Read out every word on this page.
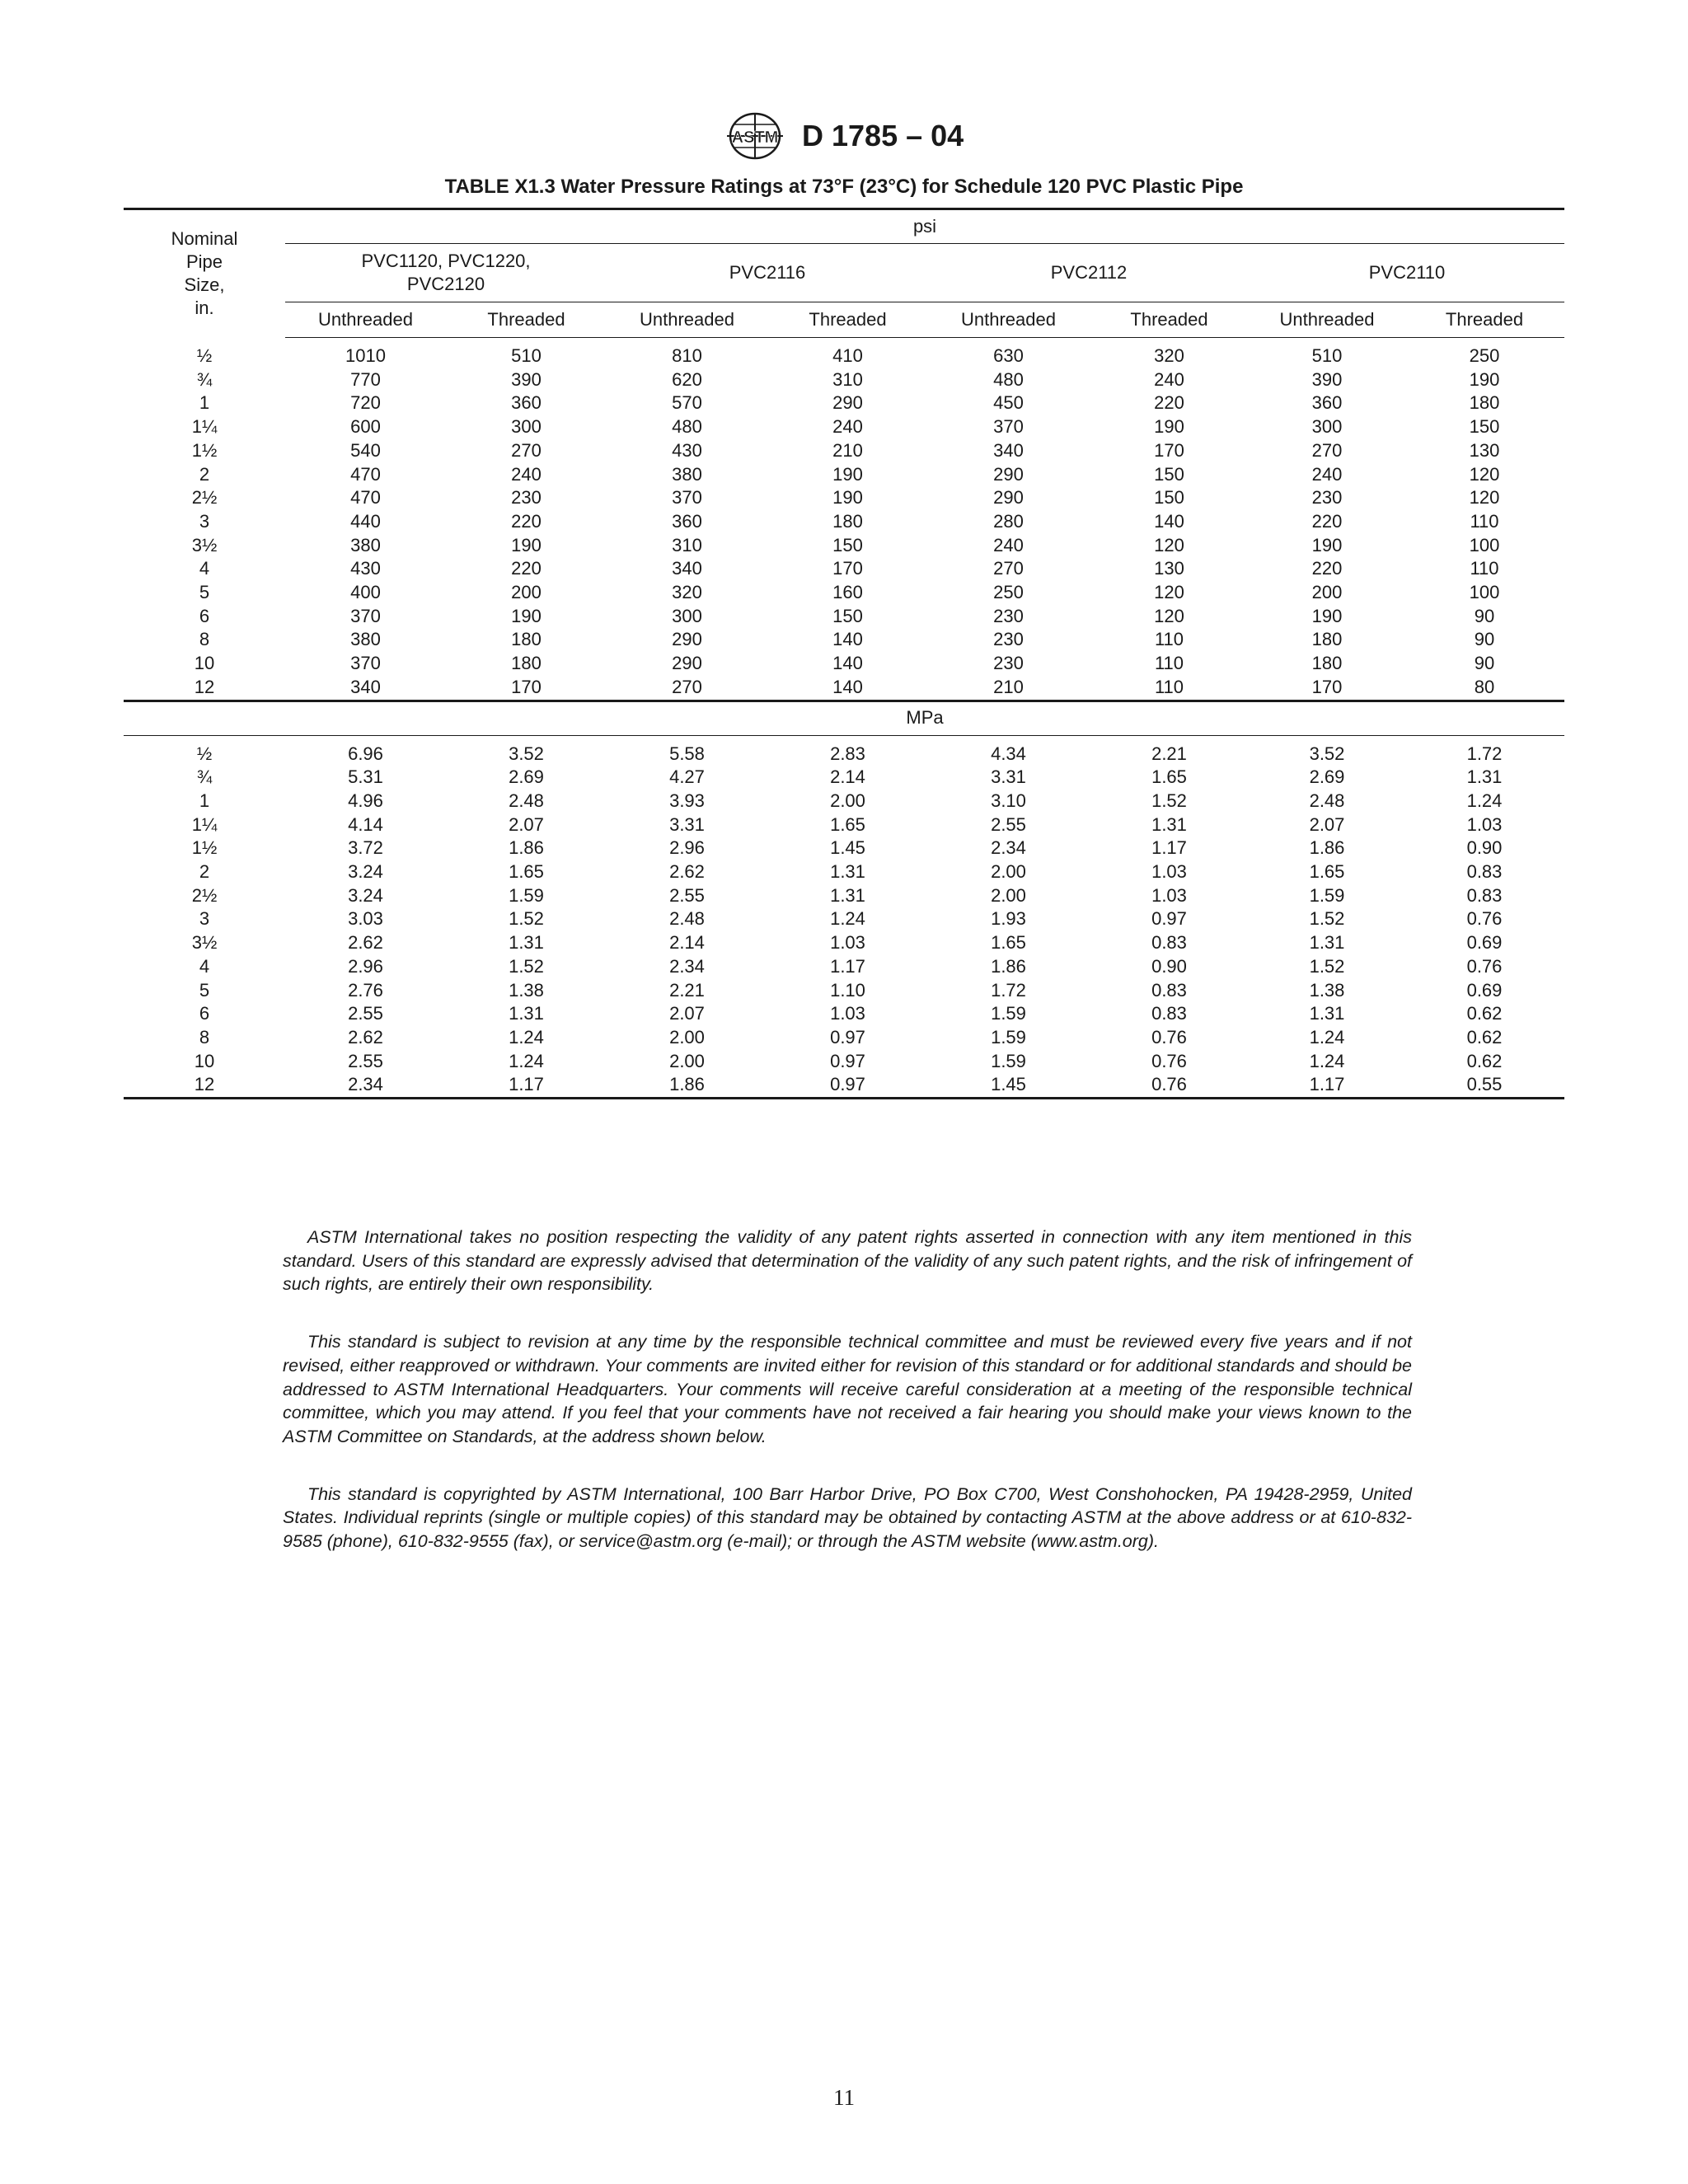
ASTM D 1785 – 04
TABLE X1.3 Water Pressure Ratings at 73°F (23°C) for Schedule 120 PVC Plastic Pipe
Nominal
Pipe
Size,
in.	psi							

	PVC1120, PVC1220,
PVC2120		PVC2116		PVC2112		PVC2110	

	Unthreaded	Threaded	Unthreaded	Threaded	Unthreaded	Threaded	Unthreaded	Threaded

½	1010	510	810	410	630	320	510	250
¾	770	390	620	310	480	240	390	190
1	720	360	570	290	450	220	360	180
1¼	600	300	480	240	370	190	300	150
1½	540	270	430	210	340	170	270	130
2	470	240	380	190	290	150	240	120
2½	470	230	370	190	290	150	230	120
3	440	220	360	180	280	140	220	110
3½	380	190	310	150	240	120	190	100
4	430	220	340	170	270	130	220	110
5	400	200	320	160	250	120	200	100
6	370	190	300	150	230	120	190	90
8	380	180	290	140	230	110	180	90
10	370	180	290	140	230	110	180	90
12	340	170	270	140	210	110	170	80
	MPa							

½	6.96	3.52	5.58	2.83	4.34	2.21	3.52	1.72
¾	5.31	2.69	4.27	2.14	3.31	1.65	2.69	1.31
1	4.96	2.48	3.93	2.00	3.10	1.52	2.48	1.24
1¼	4.14	2.07	3.31	1.65	2.55	1.31	2.07	1.03
1½	3.72	1.86	2.96	1.45	2.34	1.17	1.86	0.90
2	3.24	1.65	2.62	1.31	2.00	1.03	1.65	0.83
2½	3.24	1.59	2.55	1.31	2.00	1.03	1.59	0.83
3	3.03	1.52	2.48	1.24	1.93	0.97	1.52	0.76
3½	2.62	1.31	2.14	1.03	1.65	0.83	1.31	0.69
4	2.96	1.52	2.34	1.17	1.86	0.90	1.52	0.76
5	2.76	1.38	2.21	1.10	1.72	0.83	1.38	0.69
6	2.55	1.31	2.07	1.03	1.59	0.83	1.31	0.62
8	2.62	1.24	2.00	0.97	1.59	0.76	1.24	0.62
10	2.55	1.24	2.00	0.97	1.59	0.76	1.24	0.62
12	2.34	1.17	1.86	0.97	1.45	0.76	1.17	0.55

ASTM International takes no position respecting the validity of any patent rights asserted in connection with any item mentioned in this standard. Users of this standard are expressly advised that determination of the validity of any such patent rights, and the risk of infringement of such rights, are entirely their own responsibility.

This standard is subject to revision at any time by the responsible technical committee and must be reviewed every five years and if not revised, either reapproved or withdrawn. Your comments are invited either for revision of this standard or for additional standards and should be addressed to ASTM International Headquarters. Your comments will receive careful consideration at a meeting of the responsible technical committee, which you may attend. If you feel that your comments have not received a fair hearing you should make your views known to the ASTM Committee on Standards, at the address shown below.

This standard is copyrighted by ASTM International, 100 Barr Harbor Drive, PO Box C700, West Conshohocken, PA 19428-2959, United States. Individual reprints (single or multiple copies) of this standard may be obtained by contacting ASTM at the above address or at 610-832-9585 (phone), 610-832-9555 (fax), or service@astm.org (e-mail); or through the ASTM website (www.astm.org).

11
